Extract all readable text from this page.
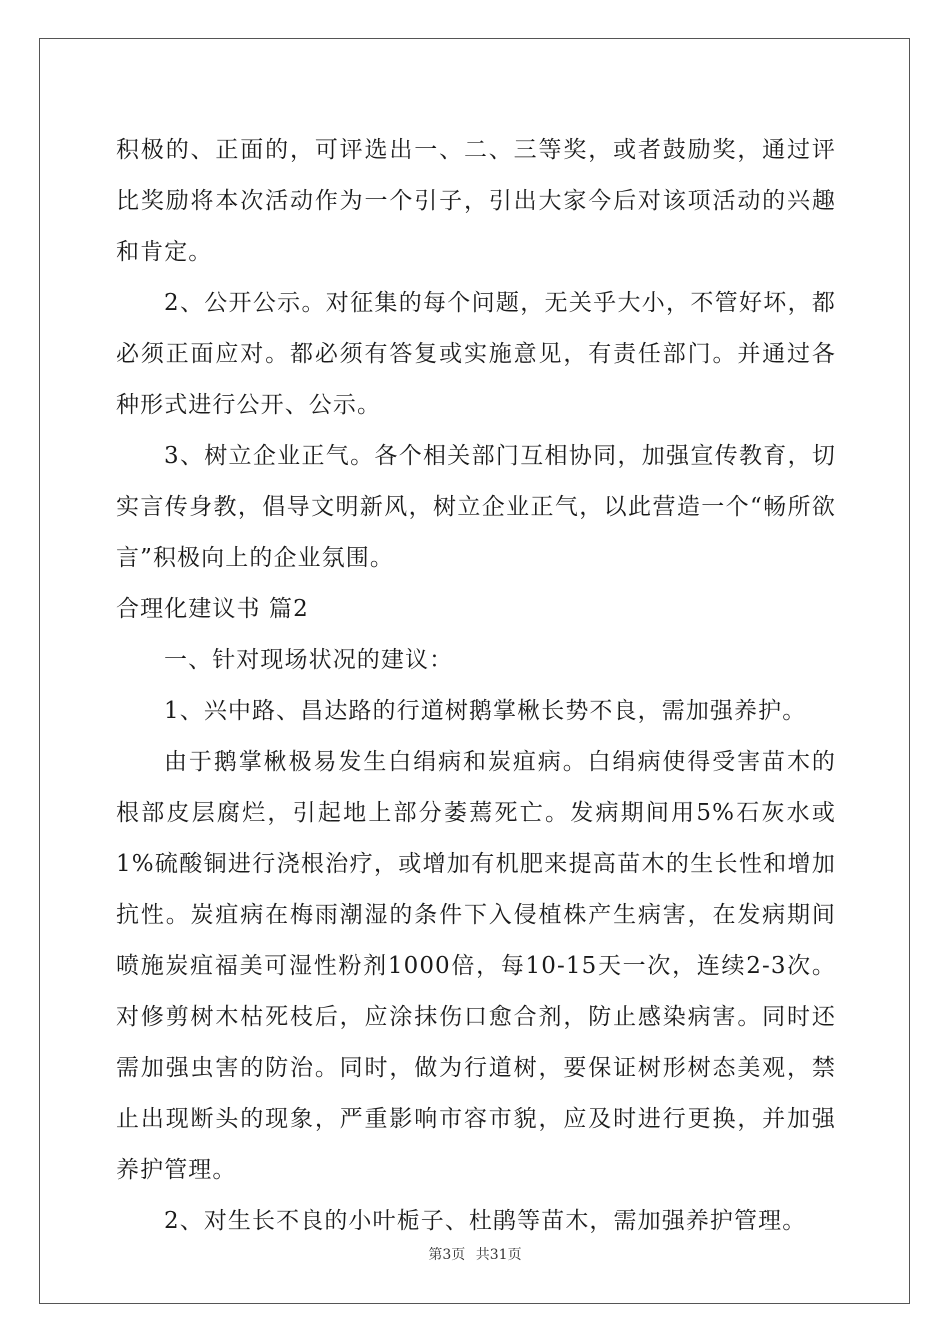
积极的、正面的，可评选出一、二、三等奖，或者鼓励奖，通过评比奖励将本次活动作为一个引子，引出大家今后对该项活动的兴趣和肯定。

2、公开公示。对征集的每个问题，无关乎大小，不管好坏，都必须正面应对。都必须有答复或实施意见，有责任部门。并通过各种形式进行公开、公示。

3、树立企业正气。各个相关部门互相协同，加强宣传教育，切实言传身教，倡导文明新风，树立企业正气，以此营造一个“畅所欲言”积极向上的企业氛围。

合理化建议书 篇2

一、针对现场状况的建议：

1、兴中路、昌达路的行道树鹅掌楸长势不良，需加强养护。

由于鹅掌楸极易发生白绢病和炭疽病。白绢病使得受害苗木的根部皮层腐烂，引起地上部分萎蔫死亡。发病期间用5%石灰水或1%硫酸铜进行浇根治疗，或增加有机肥来提高苗木的生长性和增加抗性。炭疽病在梅雨潮湿的条件下入侵植株产生病害，在发病期间喷施炭疽福美可湿性粉剂1000倍，每10-15天一次，连续2-3次。对修剪树木枯死枝后，应涂抹伤口愈合剂，防止感染病害。同时还需加强虫害的防治。同时，做为行道树，要保证树形树态美观，禁止出现断头的现象，严重影响市容市貌，应及时进行更换，并加强养护管理。

2、对生长不良的小叶栀子、杜鹃等苗木，需加强养护管理。

第3页 共31页
